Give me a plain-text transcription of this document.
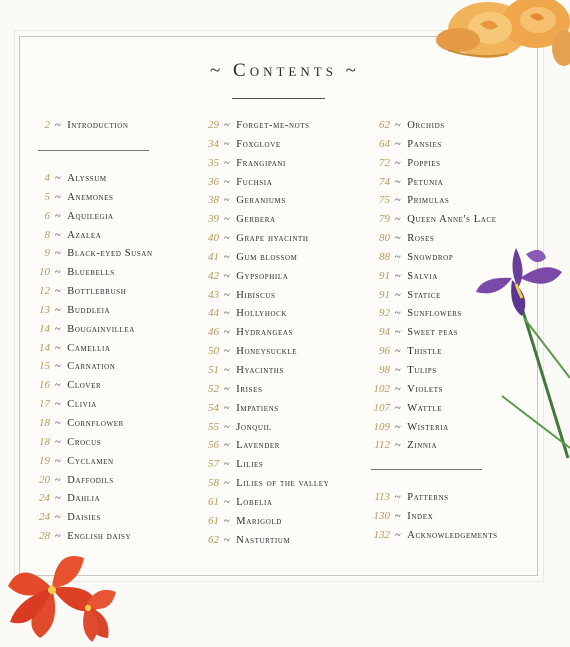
~ Contents ~
2 ~ Introduction
4 ~ Alyssum
5 ~ Anemones
6 ~ Aquilegia
8 ~ Azalea
9 ~ Black-eyed Susan
10 ~ Bluebells
12 ~ Bottlebrush
13 ~ Buddleia
14 ~ Bougainvillea
14 ~ Camellia
15 ~ Carnation
16 ~ Clover
17 ~ Clivia
18 ~ Cornflower
18 ~ Crocus
19 ~ Cyclamen
20 ~ Daffodils
24 ~ Dahlia
24 ~ Daisies
28 ~ English daisy
29 ~ Forget-me-nots
34 ~ Foxglove
35 ~ Frangipani
36 ~ Fuchsia
38 ~ Geraniums
39 ~ Gerbera
40 ~ Grape hyacinth
41 ~ Gum blossom
42 ~ Gypsophila
43 ~ Hibiscus
44 ~ Hollyhock
46 ~ Hydrangeas
50 ~ Honeysuckle
51 ~ Hyacinths
52 ~ Irises
54 ~ Impatiens
55 ~ Jonquil
56 ~ Lavender
57 ~ Lilies
58 ~ Lilies of the valley
61 ~ Lobelia
61 ~ Marigold
62 ~ Nasturtium
62 ~ Orchids
64 ~ Pansies
72 ~ Poppies
74 ~ Petunia
75 ~ Primulas
79 ~ Queen Anne's Lace
80 ~ Roses
88 ~ Snowdrop
91 ~ Salvia
91 ~ Statice
92 ~ Sunflowers
94 ~ Sweet peas
96 ~ Thistle
98 ~ Tulips
102 ~ Violets
107 ~ Wattle
109 ~ Wisteria
112 ~ Zinnia
113 ~ Patterns
130 ~ Index
132 ~ Acknowledgements
